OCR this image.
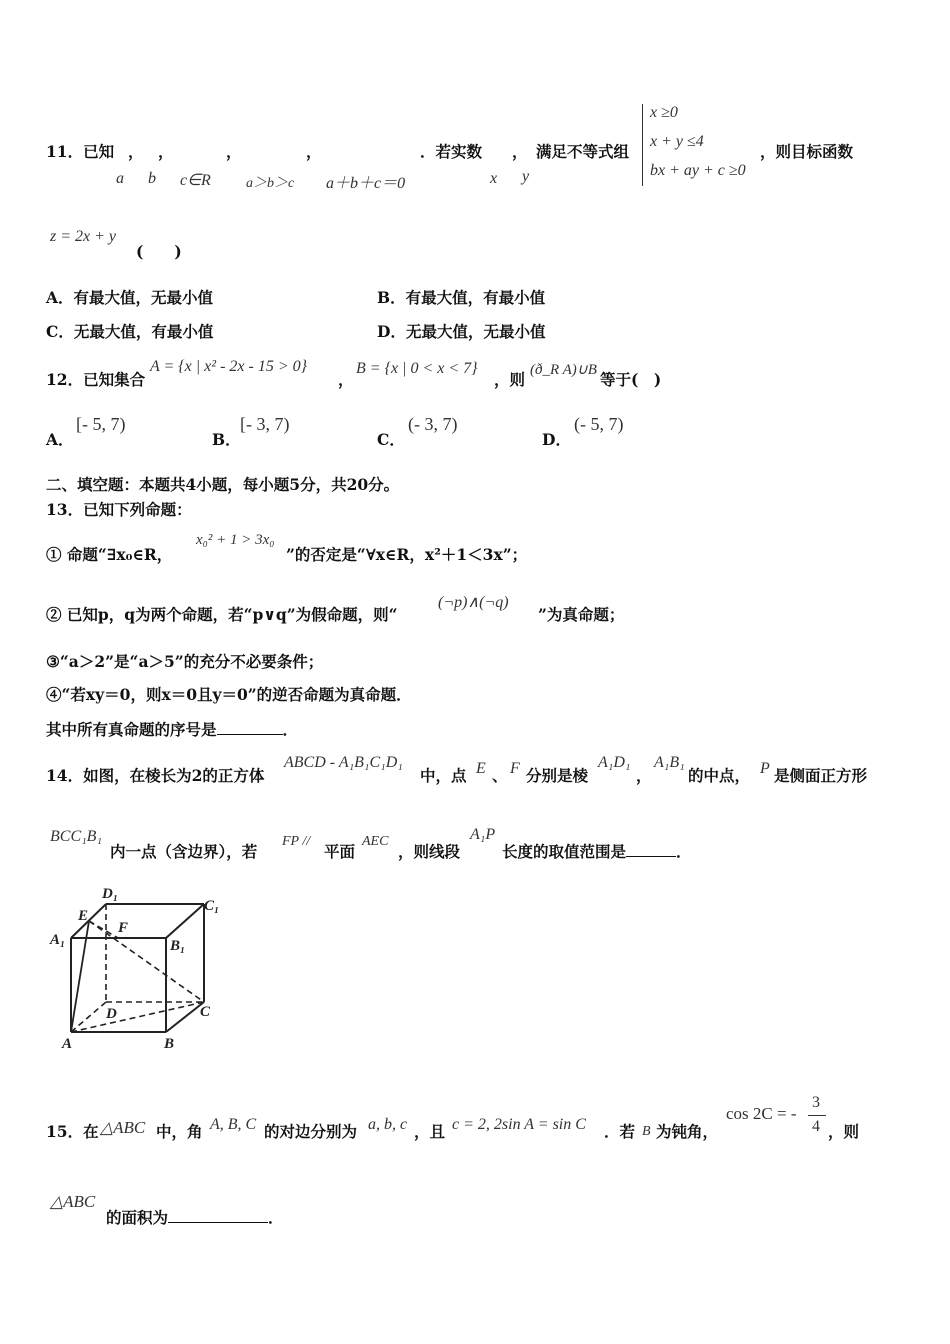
11．已知 ， ，	，	，	．若实数 ， 满足不等式组	，则目标函数
a b c∈R	a＞b＞c a＋b＋c＝0	x y
x ≥0
x + y ≤4
bx + ay + c ≥0
z = 2x + y
(　　)
A．有最大值，无最小值	B．有最大值，有最小值
C．无最大值，有最小值	D．无最大值，无最小值
12．已知集合
A = {x | x² - 2x - 15 > 0}
，
B = {x | 0 < x < 7}
，则 (ð_R A)∪B 等于(　)
A．
[- 5, 7)
B．
[- 3, 7)
C．
(- 3, 7)
D．
(- 5, 7)
二、填空题：本题共4小题，每小题5分，共20分。
13．已知下列命题：
① 命题“∃x₀∈R，
x₀² + 1 > 3x₀
”的否定是“∀x∈R，x²＋1＜3x”；
② 已知p，q为两个命题，若“p∨q”为假命题，则“
(¬p)∧(¬q)
”为真命题；
③“a＞2”是“a＞5”的充分不必要条件；
④“若xy＝0，则x＝0且y＝0”的逆否命题为真命题．
其中所有真命题的序号是	．
14．如图，在棱长为2的正方体
ABCD - A₁B₁C₁D₁
中，点 E 、 F 分别是棱
A₁D₁
，
A₁B₁
的中点， P 是侧面正方形
BCC₁B₁
内一点（含边界），若
FP //
平面
AEC
，则线段
A₁P
长度的取值范围是	．
D₁
C₁
A₁	B₁
E
F
D	C
A	B
15．在 △ABC 中，角 A, B, C 的对边分别为 a, b, c ，且 c = 2, 2sin A = sin C ．若 B 为钝角，
cos 2C = -
3
4 ，则
△ABC
的面积为	．
